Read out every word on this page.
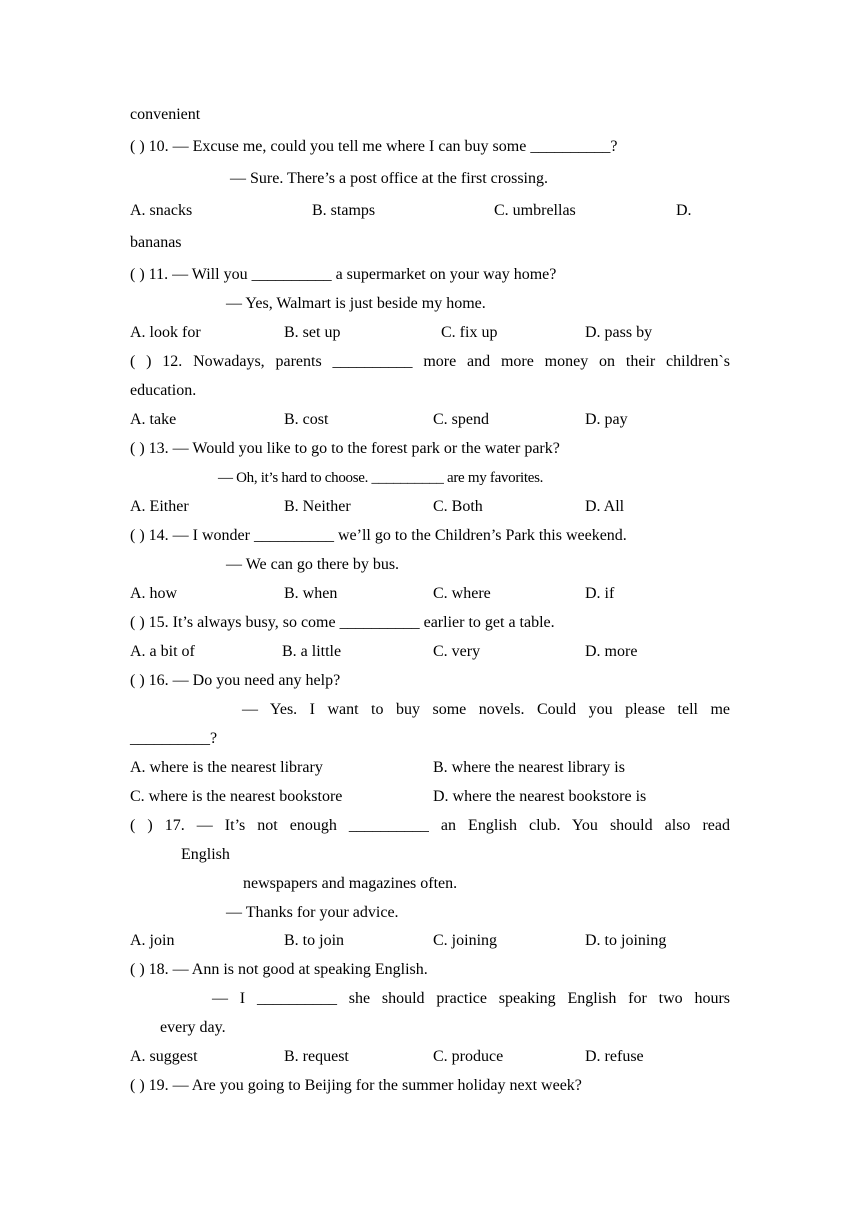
convenient
( ) 10. — Excuse me, could you tell me where I can buy some __________?
— Sure. There’s a post office at the first crossing.
A. snacks	B. stamps	C. umbrellas	D.
bananas
( ) 11. — Will you __________ a supermarket on your way home?
— Yes, Walmart is just beside my home.
A. look for	B. set up	C. fix up	D. pass by
( ) 12. Nowadays, parents __________ more and more money on their children`s
education.
A. take	B. cost	C. spend	D. pay
( ) 13. — Would you like to go to the forest park or the water park?
— Oh, it’s hard to choose. __________ are my favorites.
A. Either	B. Neither	C. Both	D. All
( ) 14. — I wonder __________ we’ll go to the Children’s Park this weekend.
— We can go there by bus.
A. how	B. when	C. where	D. if
( ) 15. It’s always busy, so come __________ earlier to get a table.
A. a bit of	B. a little	C. very	D. more
( ) 16. — Do you need any help?
— Yes. I want to buy some novels. Could you please tell me
__________?
A. where is the nearest library	B. where the nearest library is
C. where is the nearest bookstore	D. where the nearest bookstore is
( ) 17. — It’s not enough __________ an English club. You should also read
English
newspapers and magazines often.
— Thanks for your advice.
A. join	B. to join	C. joining	D. to joining
( ) 18. — Ann is not good at speaking English.
— I __________ she should practice speaking English for two hours
every day.
A. suggest	B. request	C. produce	D. refuse
( ) 19. — Are you going to Beijing for the summer holiday next week?
